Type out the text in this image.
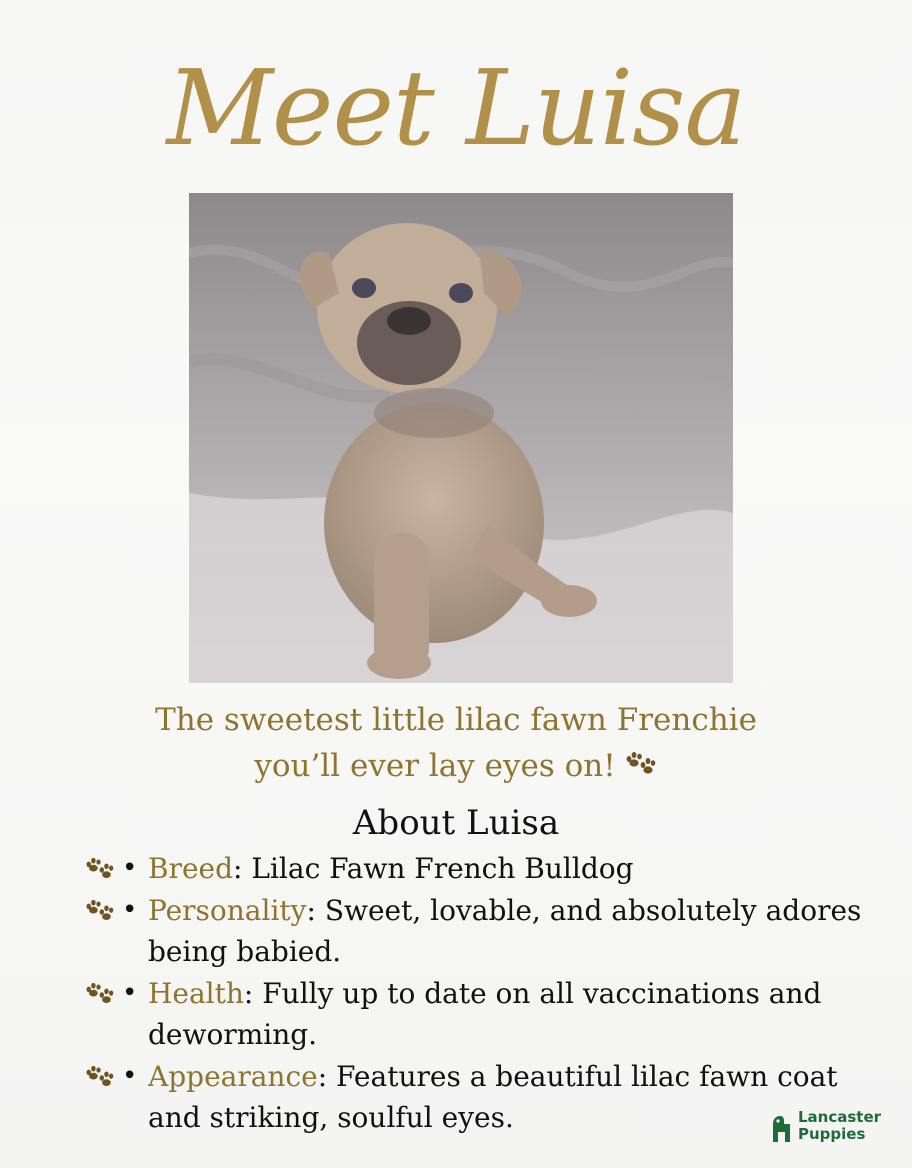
Meet Luisa
The sweetest little lilac fawn Frenchie
you’ll ever lay eyes on!
About Luisa
• Breed: Lilac Fawn French Bulldog
• Personality: Sweet, lovable, and absolutely adores being babied.
• Health: Fully up to date on all vaccinations and deworming.
• Appearance: Features a beautiful lilac fawn coat and striking, soulful eyes.	Lancaster
Puppies
